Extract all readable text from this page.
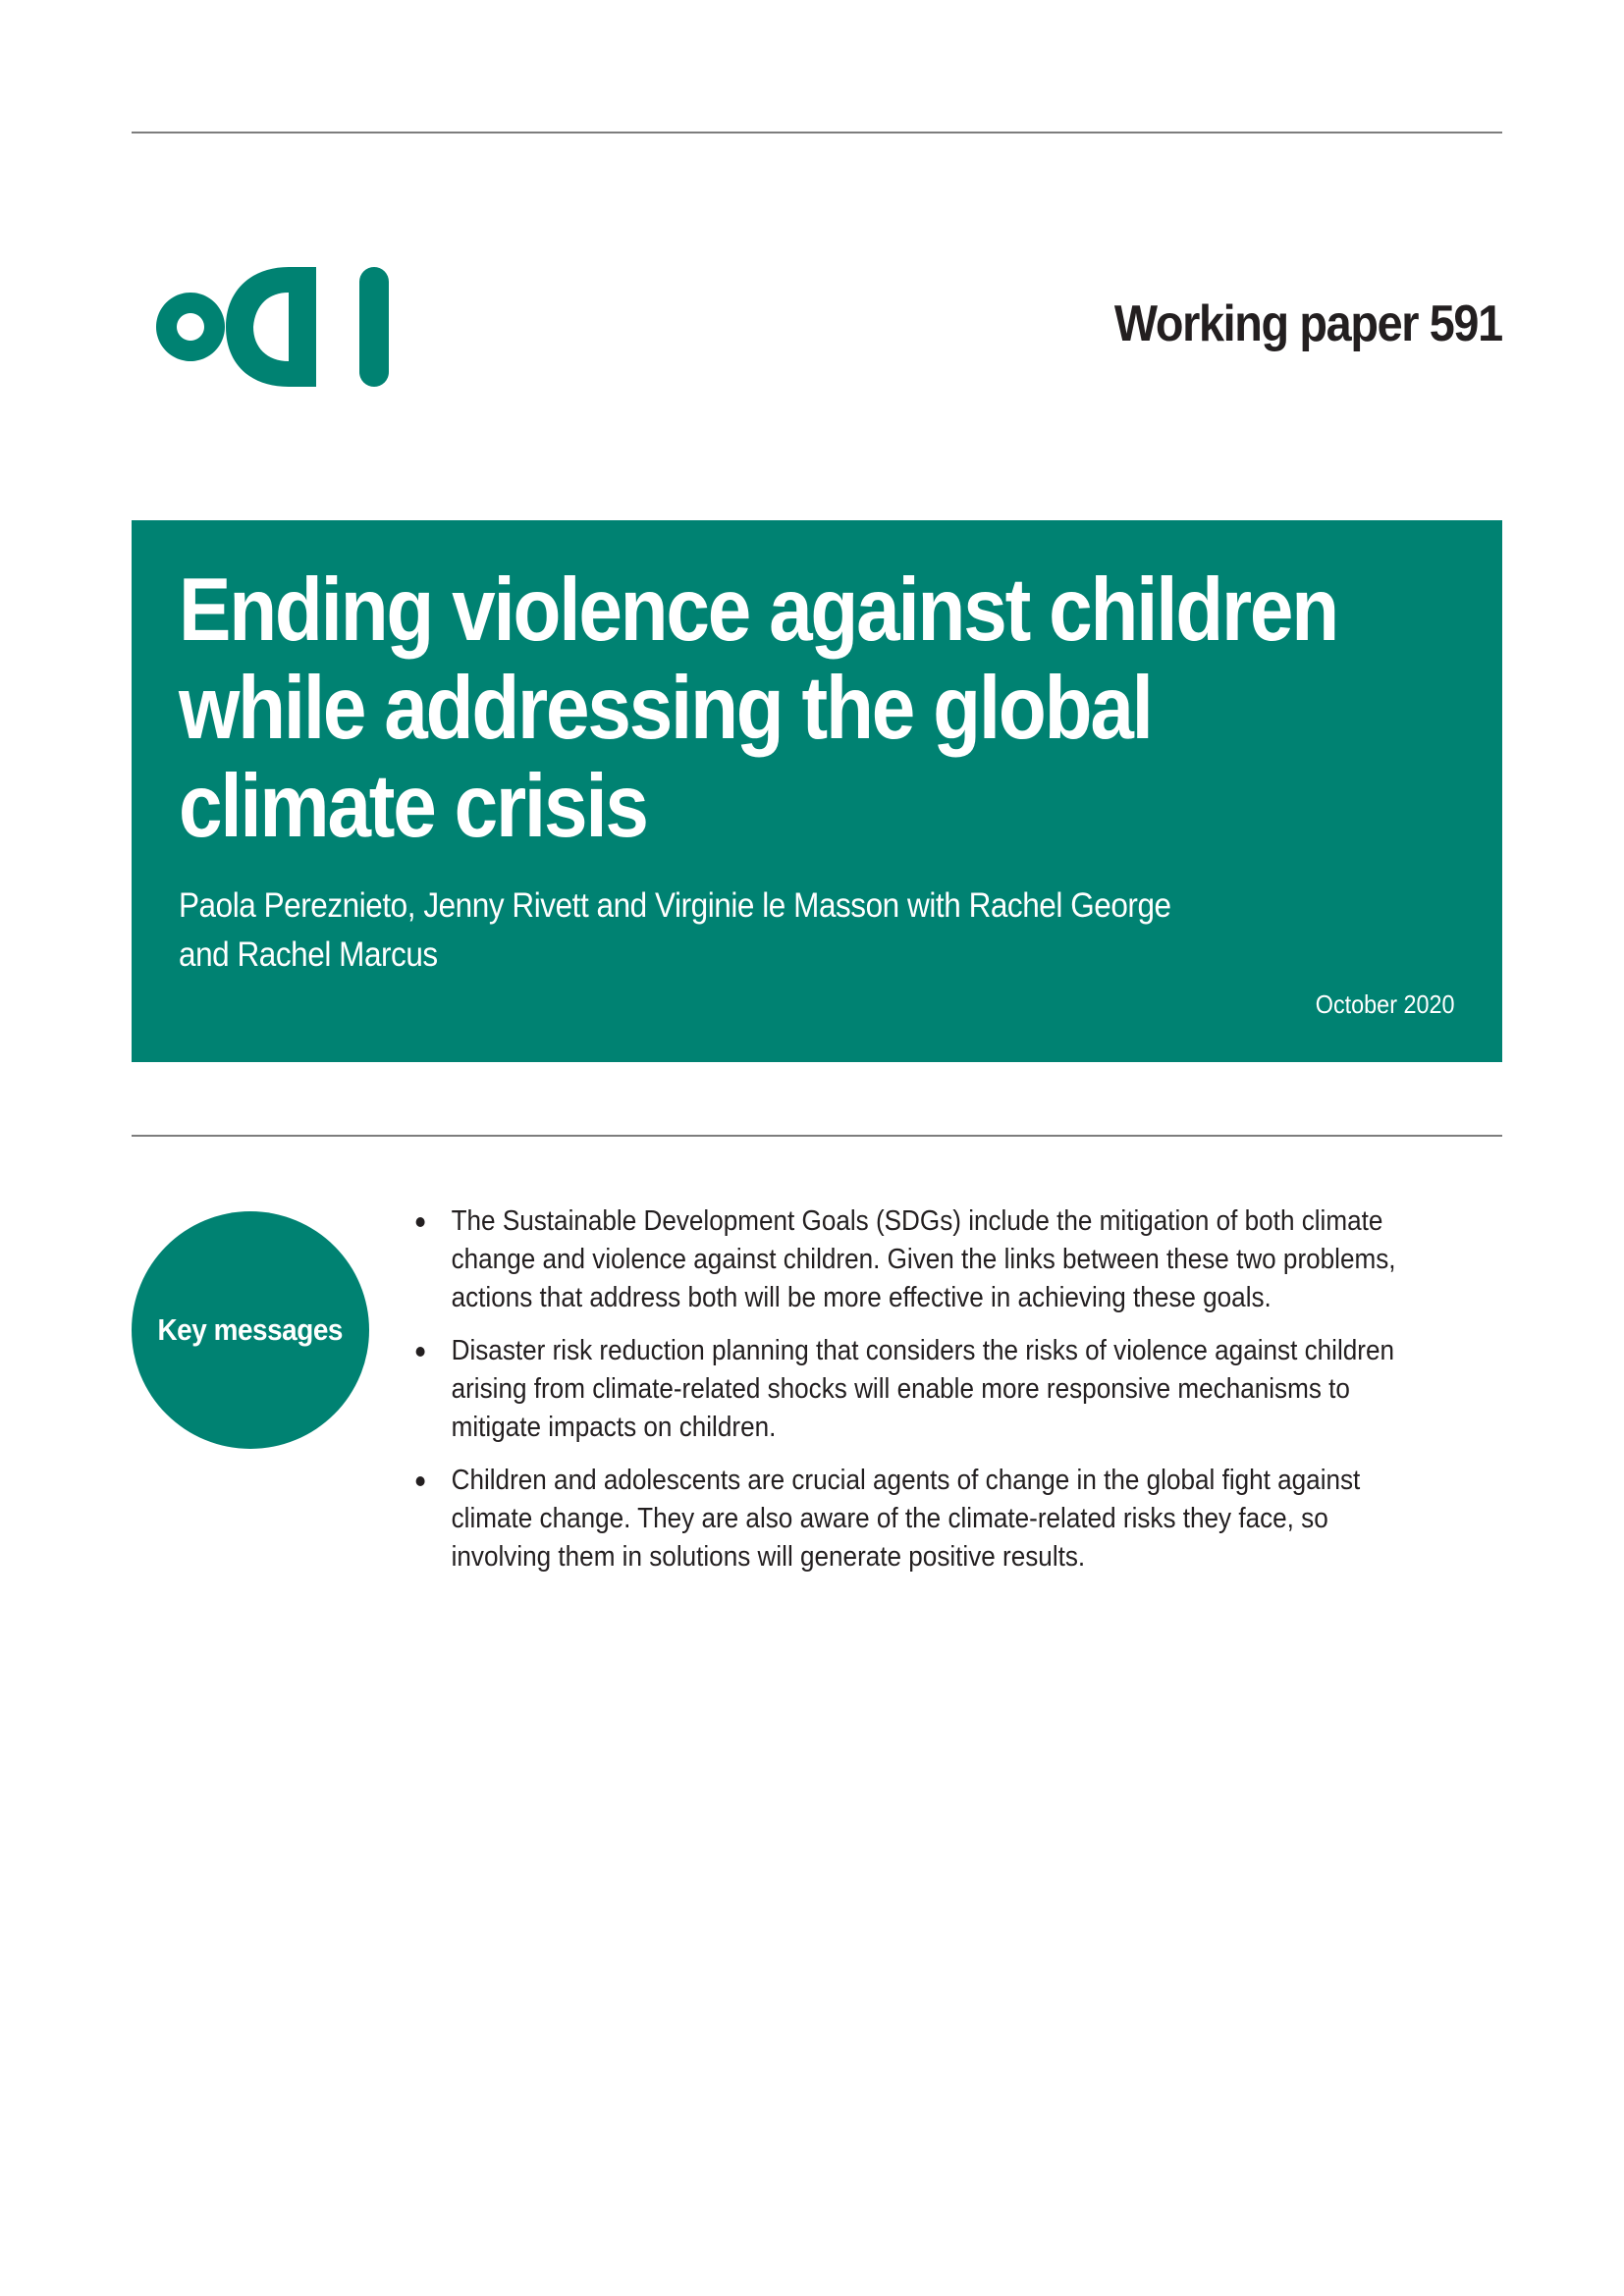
Working paper 591
Ending violence against children
while addressing the global
climate crisis

Paola Pereznieto, Jenny Rivett and Virginie le Masson with Rachel George
and Rachel Marcus

October 2020
Key messages
The Sustainable Development Goals (SDGs) include the mitigation of both climate change and violence against children. Given the links between these two problems, actions that address both will be more effective in achieving these goals.
Disaster risk reduction planning that considers the risks of violence against children arising from climate-related shocks will enable more responsive mechanisms to mitigate impacts on children.
Children and adolescents are crucial agents of change in the global fight against climate change. They are also aware of the climate-related risks they face, so involving them in solutions will generate positive results.
